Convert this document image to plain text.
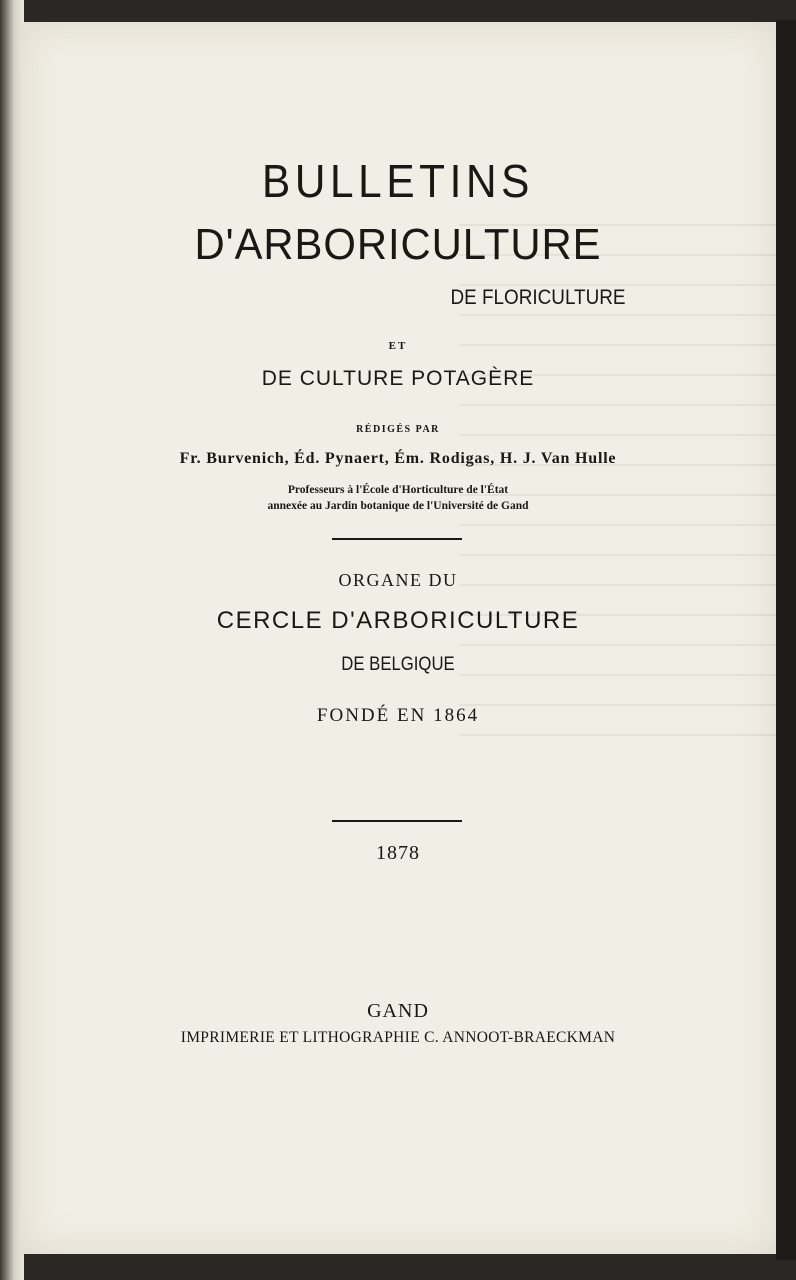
BULLETINS
D'ARBORICULTURE
DE FLORICULTURE
ET
DE CULTURE POTAGÈRE
RÉDIGÉS PAR
Fr. Burvenich, Éd. Pynaert, Ém. Rodigas, H. J. Van Hulle
Professeurs à l'École d'Horticulture de l'État
annexée au Jardin botanique de l'Université de Gand
ORGANE DU
CERCLE D'ARBORICULTURE
DE BELGIQUE
FONDÉ EN 1864
1878
GAND
IMPRIMERIE ET LITHOGRAPHIE C. ANNOOT-BRAECKMAN
